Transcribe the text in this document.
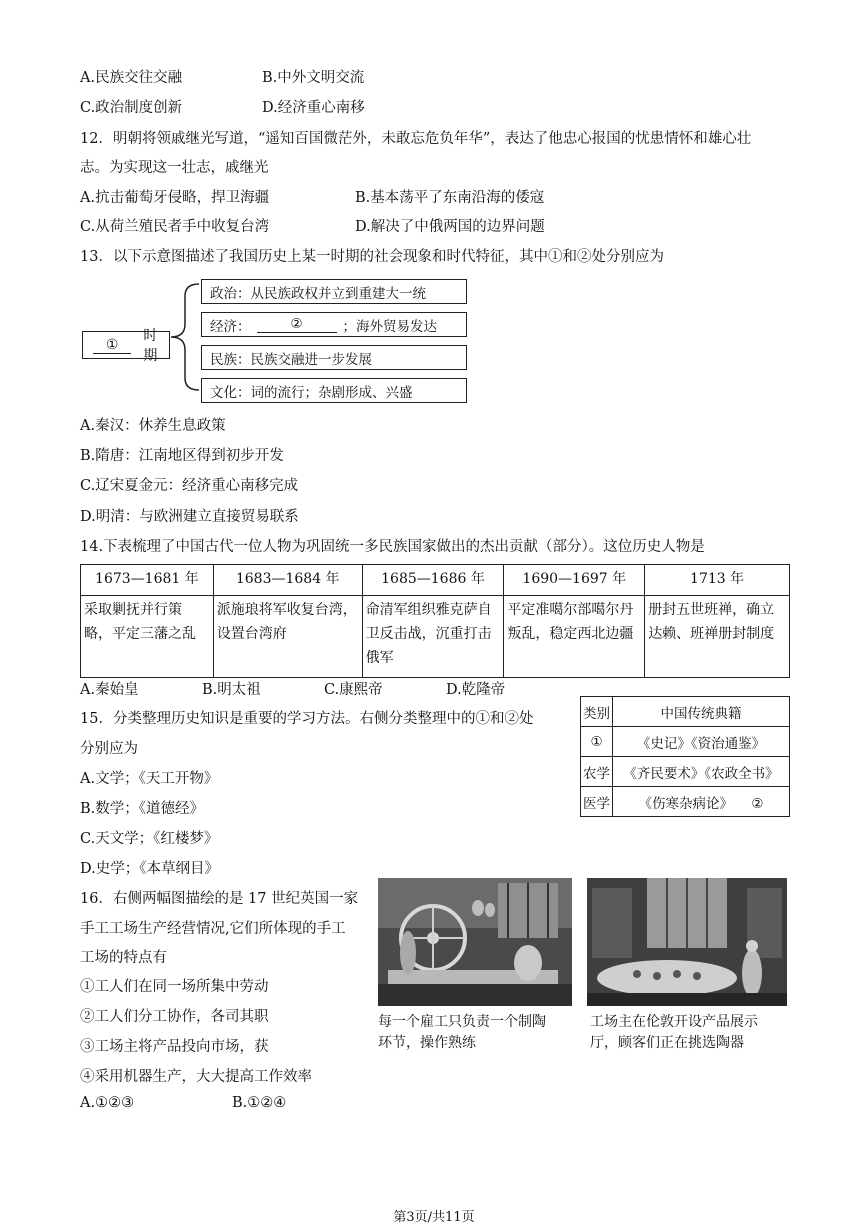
A.民族交往交融	B.中外文明交流
C.政治制度创新	D.经济重心南移
12．明朝将领戚继光写道，“遥知百国微茫外，未敢忘危负年华”，表达了他忠心报国的忧患情怀和雄心壮
志。为实现这一壮志，戚继光
A.抗击葡萄牙侵略，捍卫海疆	B.基本荡平了东南沿海的倭寇
C.从荷兰殖民者手中收复台湾	D.解决了中俄两国的边界问题
13．以下示意图描述了我国历史上某一时期的社会现象和时代特征，其中①和②处分别应为
①
时期
政治：从民族政权并立到重建大一统
经济：	②	；海外贸易发达
民族：民族交融进一步发展
文化：词的流行；杂剧形成、兴盛
A.秦汉：休养生息政策
B.隋唐：江南地区得到初步开发
C.辽宋夏金元：经济重心南移完成
D.明清：与欧洲建立直接贸易联系
14.下表梳理了中国古代一位人物为巩固统一多民族国家做出的杰出贡献（部分）。这位历史人物是
1673—1681 年	1683—1684 年	1685—1686 年	1690—1697 年	1713 年
采取剿抚并行策略，平定三藩之乱	派施琅将军收复台湾，设置台湾府	命清军组织雅克萨自卫反击战，沉重打击俄军	平定准噶尔部噶尔丹叛乱，稳定西北边疆	册封五世班禅，确立达赖、班禅册封制度
A.秦始皇	B.明太祖	C.康熙帝	D.乾隆帝
15．分类整理历史知识是重要的学习方法。右侧分类整理中的①和②处
分别应为
A.文学；《天工开物》
B.数学；《道德经》
C.天文学；《红楼梦》
D.史学；《本草纲目》
类别	中国传统典籍
①	《史记》《资治通鉴》
农学	《齐民要术》《农政全书》
医学	《伤寒杂病论》 ②
16．右侧两幅图描绘的是 17 世纪英国一家
手工工场生产经营情况,它们所体现的手工
工场的特点有
①工人们在同一场所集中劳动
②工人们分工协作，各司其职
③工场主将产品投向市场，获
④采用机器生产，大大提高工作效率
A.①②③	B.①②④
每一个雇工只负责一个制陶
环节，操作熟练
工场主在伦敦开设产品展示
厅，顾客们正在挑选陶器
第3页/共11页
